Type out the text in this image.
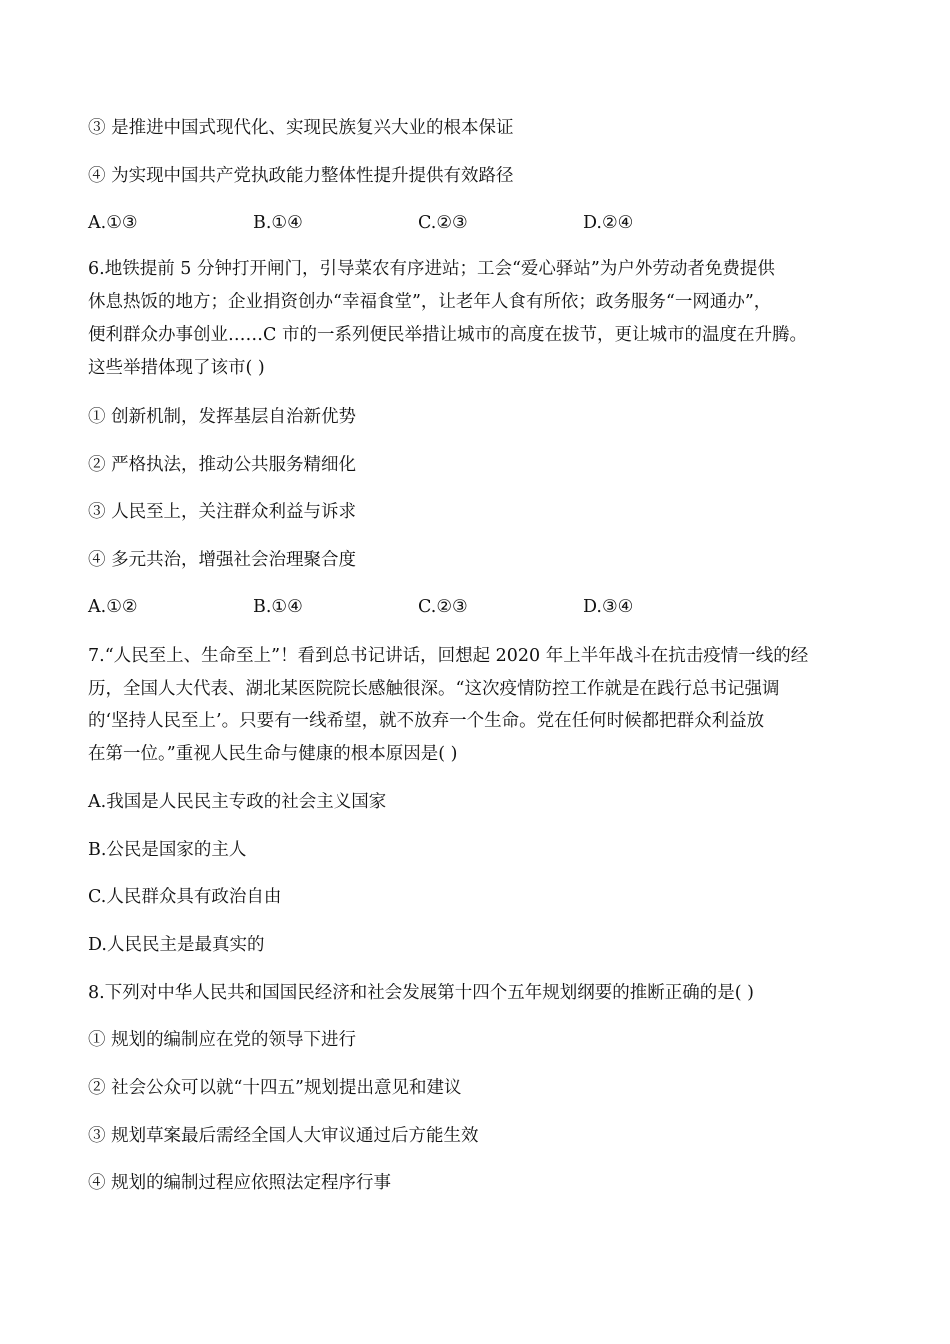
③ 是推进中国式现代化、实现民族复兴大业的根本保证
④ 为实现中国共产党执政能力整体性提升提供有效路径
A.①③	B.①④	C.②③	D.②④
6.地铁提前 5 分钟打开闸门，引导菜农有序进站；工会“爱心驿站”为户外劳动者免费提供
休息热饭的地方；企业捐资创办“幸福食堂”，让老年人食有所依；政务服务“一网通办”，
便利群众办事创业……C 市的一系列便民举措让城市的高度在拔节，更让城市的温度在升腾。
这些举措体现了该市( )
① 创新机制，发挥基层自治新优势
② 严格执法，推动公共服务精细化
③ 人民至上，关注群众利益与诉求
④ 多元共治，增强社会治理聚合度
A.①②	B.①④	C.②③	D.③④
7.“人民至上、生命至上”！看到总书记讲话，回想起 2020 年上半年战斗在抗击疫情一线的经
历，全国人大代表、湖北某医院院长感触很深。“这次疫情防控工作就是在践行总书记强调
的‘坚持人民至上’。只要有一线希望，就不放弃一个生命。党在任何时候都把群众利益放
在第一位。”重视人民生命与健康的根本原因是( )
A.我国是人民民主专政的社会主义国家
B.公民是国家的主人
C.人民群众具有政治自由
D.人民民主是最真实的
8.下列对中华人民共和国国民经济和社会发展第十四个五年规划纲要的推断正确的是( )
① 规划的编制应在党的领导下进行
② 社会公众可以就“十四五”规划提出意见和建议
③ 规划草案最后需经全国人大审议通过后方能生效
④ 规划的编制过程应依照法定程序行事
